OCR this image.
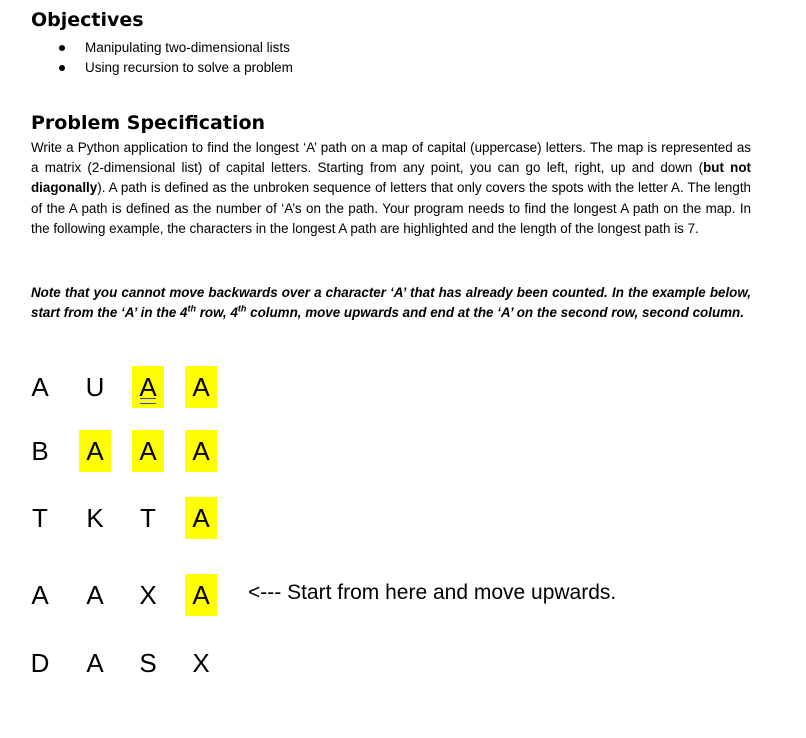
Objectives
Manipulating two-dimensional lists
Using recursion to solve a problem
Problem Specification

Write a Python application to find the longest ‘A’ path on a map of capital (uppercase) letters. The map is represented as a matrix (2-dimensional list) of capital letters. Starting from any point, you can go left, right, up and down (but not diagonally). A path is defined as the unbroken sequence of letters that only covers the spots with the letter A. The length of the A path is defined as the number of ‘A’s on the path. Your program needs to find the longest A path on the map. In the following example, the characters in the longest A path are highlighted and the length of the longest path is 7.

Note that you cannot move backwards over a character ‘A’ that has already been counted. In the example below, start from the ‘A’ in the 4th row, 4th column, move upwards and end at the ‘A’ on the second row, second column.

A U A A
B A A A
T	K	T	A
A A X A
D A S X
<--- Start from here and move upwards.
